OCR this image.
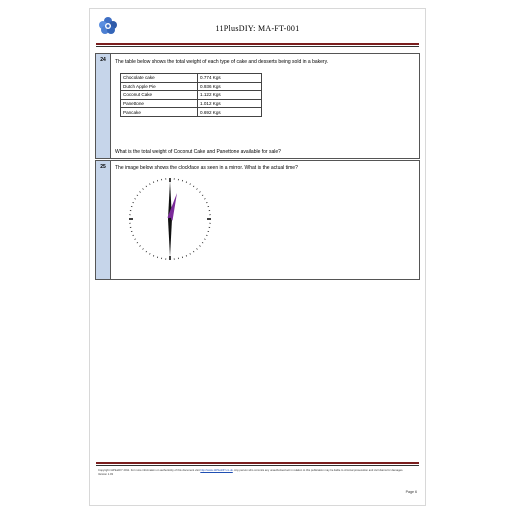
11PlusDIY: MA-FT-001
24	The table below shows the total weight of each type of cake and desserts being sold in a bakery.
Chocolate cake	0.774 Kgs
Dutch Apple Pie	0.936 Kgs
Coconut Cake	1.122 Kgs
Panettone	1.012 Kgs
Pancake	0.692 Kgs
What is the total weight of Coconut Cake and Panettone available for sale?
25	The image below shows the clockface as seen in a mirror. What is the actual time?
Copyright 11PlusDIY 2011. For more information on authenticity of this document visit http://www.11PlusDIY.co.uk. Any person who commits any unauthorised act in relation to this publication may be liable to criminal prosecution and civil claims for damages.
Version 1.03
Page 6
